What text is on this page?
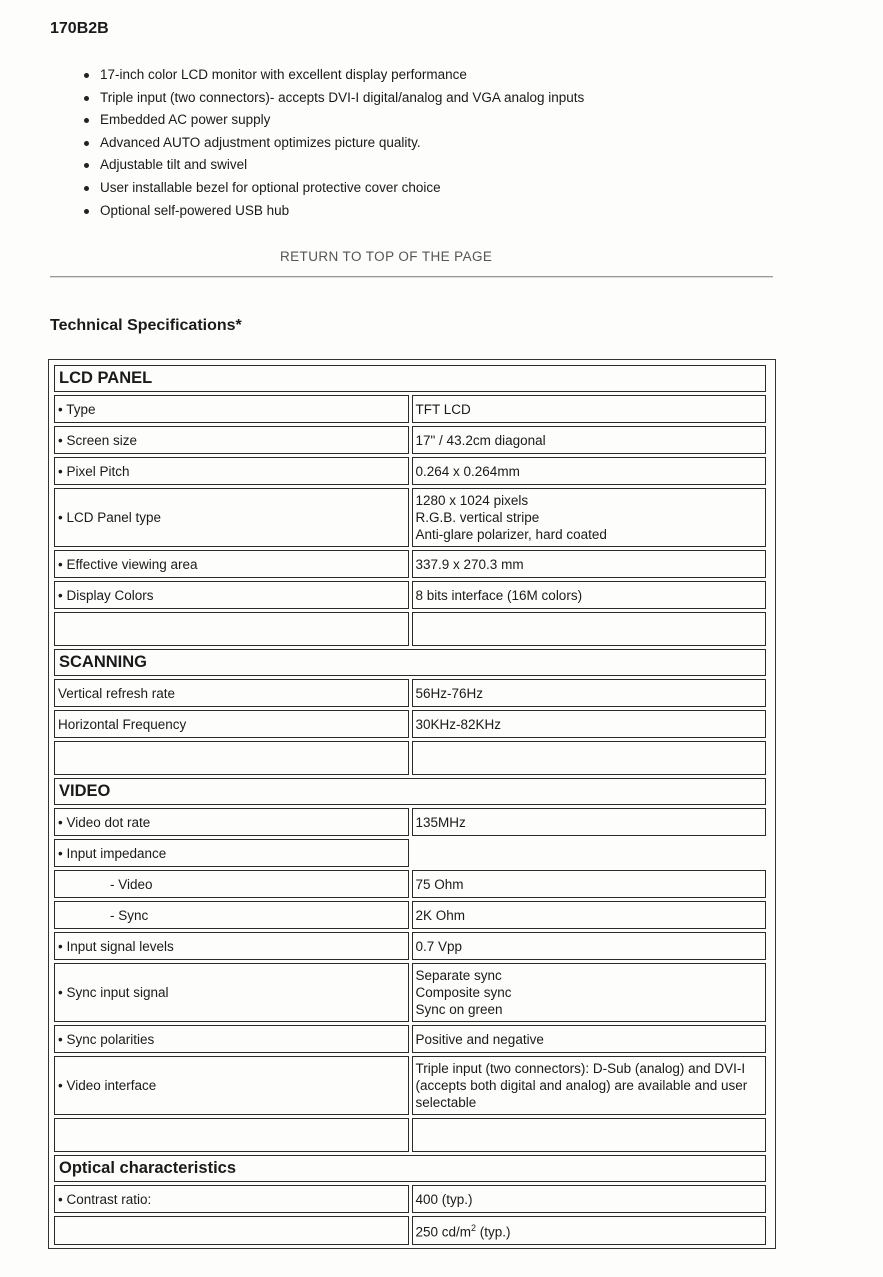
170B2B
17-inch color LCD monitor with excellent display performance
Triple input (two connectors)- accepts DVI-I digital/analog and VGA analog inputs
Embedded AC power supply
Advanced AUTO adjustment optimizes picture quality.
Adjustable tilt and swivel
User installable bezel for optional protective cover choice
Optional self-powered USB hub
RETURN TO TOP OF THE PAGE
Technical Specifications*
LCD PANEL	
• Type	TFT LCD
• Screen size	17" / 43.2cm diagonal
• Pixel Pitch	0.264 x 0.264mm
• LCD Panel type	1280 x 1024 pixels
R.G.B. vertical stripe
Anti-glare polarizer, hard coated
• Effective viewing area	337.9 x 270.3 mm
• Display Colors	8 bits interface (16M colors)

SCANNING	
Vertical refresh rate	56Hz-76Hz
Horizontal Frequency	30KHz-82KHz

VIDEO	
• Video dot rate	135MHz
• Input impedance	
- Video	75 Ohm
- Sync	2K Ohm
• Input signal levels	0.7 Vpp
• Sync input signal	Separate sync
Composite sync
Sync on green
• Sync polarities	Positive and negative
• Video interface	Triple input (two connectors): D-Sub (analog) and DVI-I (accepts both digital and analog) are available and user selectable

Optical characteristics	
• Contrast ratio:	400 (typ.)
	250 $cd/m^2$ (typ.)
